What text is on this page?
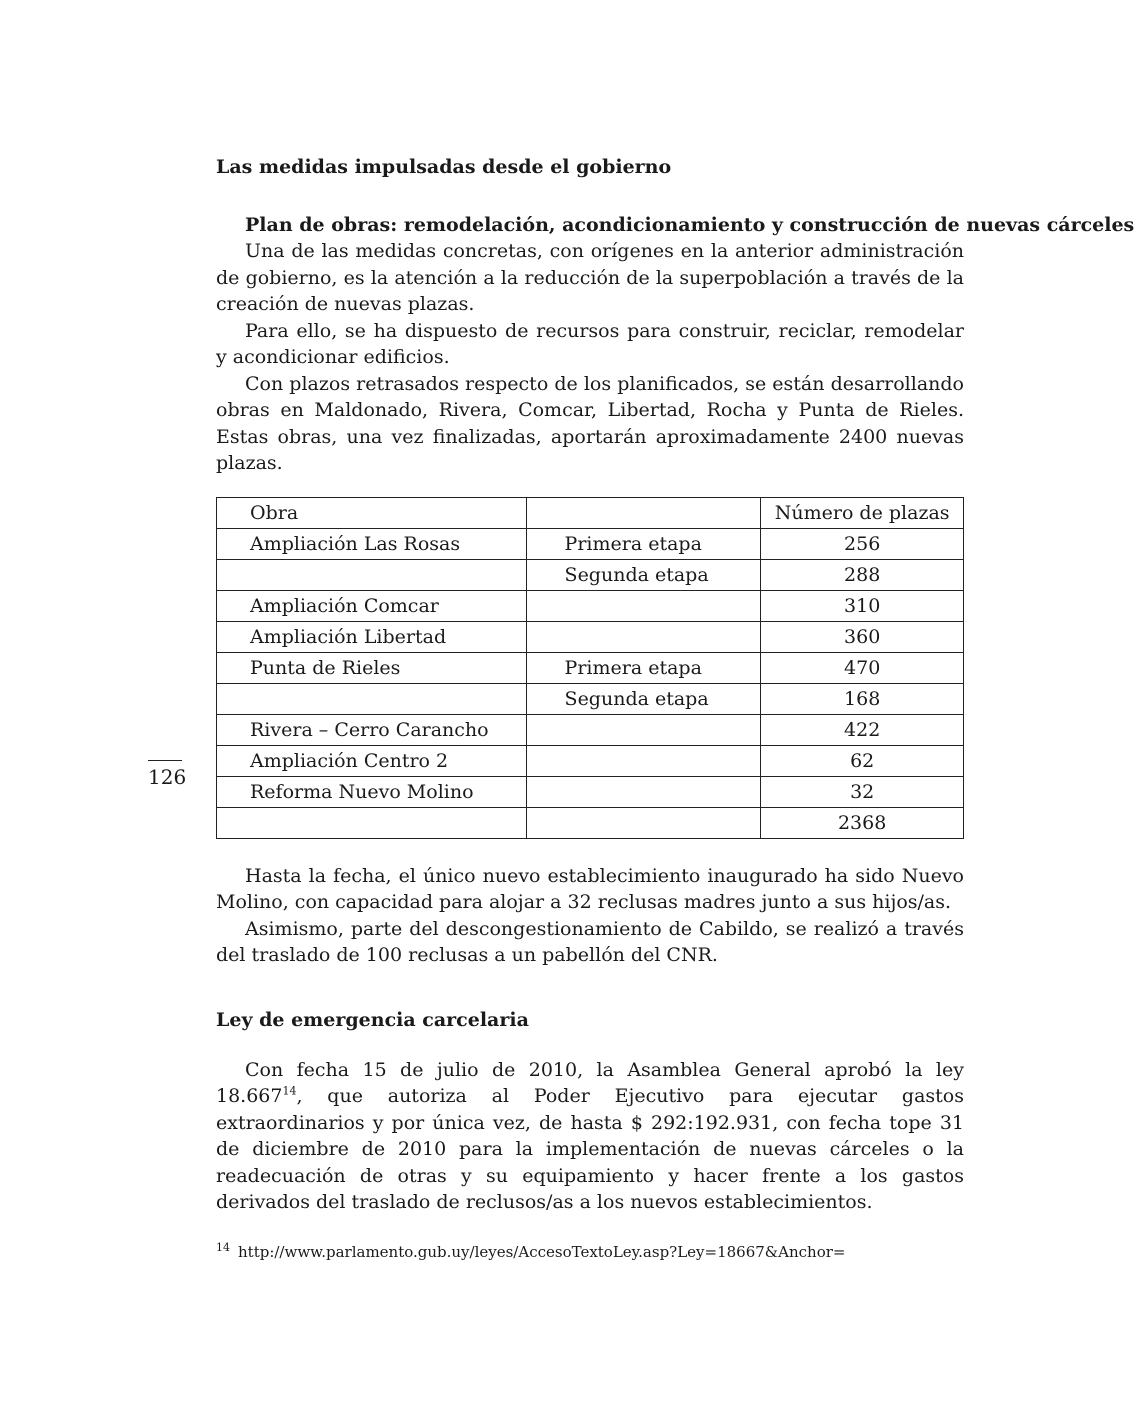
Las medidas impulsadas desde el gobierno
Plan de obras: remodelación, acondicionamiento y construcción de nuevas cárceles

Una de las medidas concretas, con orígenes en la anterior administración de gobierno, es la atención a la reducción de la superpoblación a través de la creación de nuevas plazas.

Para ello, se ha dispuesto de recursos para construir, reciclar, remodelar y acondicionar edificios.

Con plazos retrasados respecto de los planificados, se están desarrollando obras en Maldonado, Rivera, Comcar, Libertad, Rocha y Punta de Rieles. Estas obras, una vez finalizadas, aportarán aproximadamente 2400 nuevas plazas.

Obra		Número de plazas
Ampliación Las Rosas	Primera etapa	256
	Segunda etapa	288
Ampliación Comcar		310
Ampliación Libertad		360
Punta de Rieles	Primera etapa	470
	Segunda etapa	168
Rivera – Cerro Carancho		422
Ampliación Centro 2		62
Reforma Nuevo Molino		32
		2368

Hasta la fecha, el único nuevo establecimiento inaugurado ha sido Nuevo Molino, con capacidad para alojar a 32 reclusas madres junto a sus hijos/as.

Asimismo, parte del descongestionamiento de Cabildo, se realizó a través del traslado de 100 reclusas a un pabellón del CNR.

Ley de emergencia carcelaria

Con fecha 15 de julio de 2010, la Asamblea General aprobó la ley 18.667$^{14}$, que autoriza al Poder Ejecutivo para ejecutar gastos extraordinarios y por única vez, de hasta $ 292:192.931, con fecha tope 31 de diciembre de 2010 para la implementación de nuevas cárceles o la readecuación de otras y su equipamiento y hacer frente a los gastos derivados del traslado de reclusos/as a los nuevos establecimientos.

$^{14}$ http://www.parlamento.gub.uy/leyes/AccesoTextoLey.asp?Ley=18667&Anchor=

126
